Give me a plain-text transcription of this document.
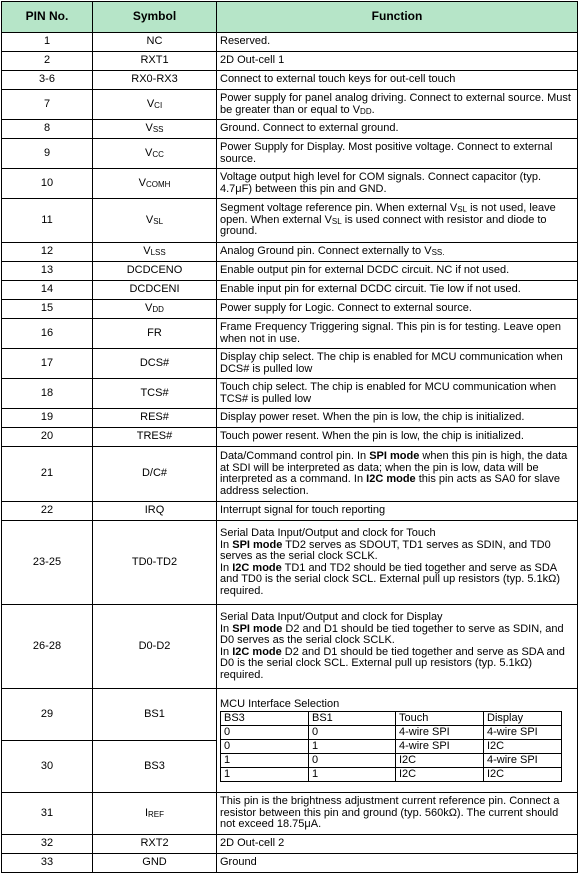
PIN No.	Symbol	Function
1	NC	Reserved.
2	RXT1	2D Out-cell 1
3-6	RX0-RX3	Connect to external touch keys for out-cell touch
7	VCI	Power supply for panel analog driving. Connect to external source. Must be greater than or equal to VDD.
8	VSS	Ground. Connect to external ground.
9	VCC	Power Supply for Display. Most positive voltage. Connect to external source.
10	VCOMH	Voltage output high level for COM signals. Connect capacitor (typ. 4.7μF) between this pin and GND.
11	VSL	Segment voltage reference pin. When external VSL is not used, leave open. When external VSL is used connect with resistor and diode to ground.
12	VLSS	Analog Ground pin. Connect externally to VSS.
13	DCDCENO	Enable output pin for external DCDC circuit. NC if not used.
14	DCDCENI	Enable input pin for external DCDC circuit. Tie low if not used.
15	VDD	Power supply for Logic. Connect to external source.
16	FR	Frame Frequency Triggering signal. This pin is for testing. Leave open when not in use.
17	DCS#	Display chip select. The chip is enabled for MCU communication when DCS# is pulled low
18	TCS#	Touch chip select. The chip is enabled for MCU communication when TCS# is pulled low
19	RES#	Display power reset. When the pin is low, the chip is initialized.
20	TRES#	Touch power resent. When the pin is low, the chip is initialized.
21	D/C#	Data/Command control pin. In SPI mode when this pin is high, the data at SDI will be interpreted as data; when the pin is low, data will be interpreted as a command. In I2C mode this pin acts as SA0 for slave address selection.
22	IRQ	Interrupt signal for touch reporting
23-25	TD0-TD2	Serial Data Input/Output and clock for Touch
In SPI mode TD2 serves as SDOUT, TD1 serves as SDIN, and TD0 serves as the serial clock SCLK.
In I2C mode TD1 and TD2 should be tied together and serve as SDA and TD0 is the serial clock SCL. External pull up resistors (typ. 5.1kΩ) required.
26-28	D0-D2	Serial Data Input/Output and clock for Display
In SPI mode D2 and D1 should be tied together to serve as SDIN, and D0 serves as the serial clock SCLK.
In I2C mode D2 and D1 should be tied together and serve as SDA and D0 is the serial clock SCL. External pull up resistors (typ. 5.1kΩ) required.
29	BS1	
MCU Interface Selection
BS3	BS1	Touch	Display
0	0	4-wire SPI	4-wire SPI
0	1	4-wire SPI	I2C
1	0	I2C	4-wire SPI
1	1	I2C	I2C

30	BS3
31	IREF	This pin is the brightness adjustment current reference pin. Connect a resistor between this pin and ground (typ. 560kΩ). The current should not exceed 18.75μA.
32	RXT2	2D Out-cell 2
33	GND	Ground
